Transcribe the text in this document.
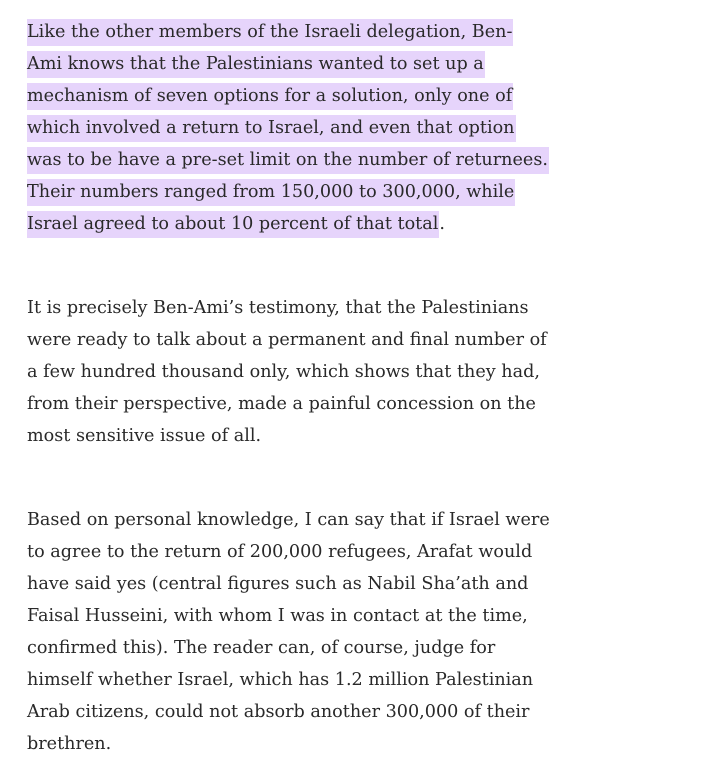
Like the other members of the Israeli delegation, Ben-
Ami knows that the Palestinians wanted to set up a
mechanism of seven options for a solution, only one of
which involved a return to Israel, and even that option
was to be have a pre-set limit on the number of returnees.
Their numbers ranged from 150,000 to 300,000, while
Israel agreed to about 10 percent of that total.

It is precisely Ben-Ami’s testimony, that the Palestinians
were ready to talk about a permanent and final number of
a few hundred thousand only, which shows that they had,
from their perspective, made a painful concession on the
most sensitive issue of all.

Based on personal knowledge, I can say that if Israel were
to agree to the return of 200,000 refugees, Arafat would
have said yes (central figures such as Nabil Sha’ath and
Faisal Husseini, with whom I was in contact at the time,
confirmed this). The reader can, of course, judge for
himself whether Israel, which has 1.2 million Palestinian
Arab citizens, could not absorb another 300,000 of their
brethren.
